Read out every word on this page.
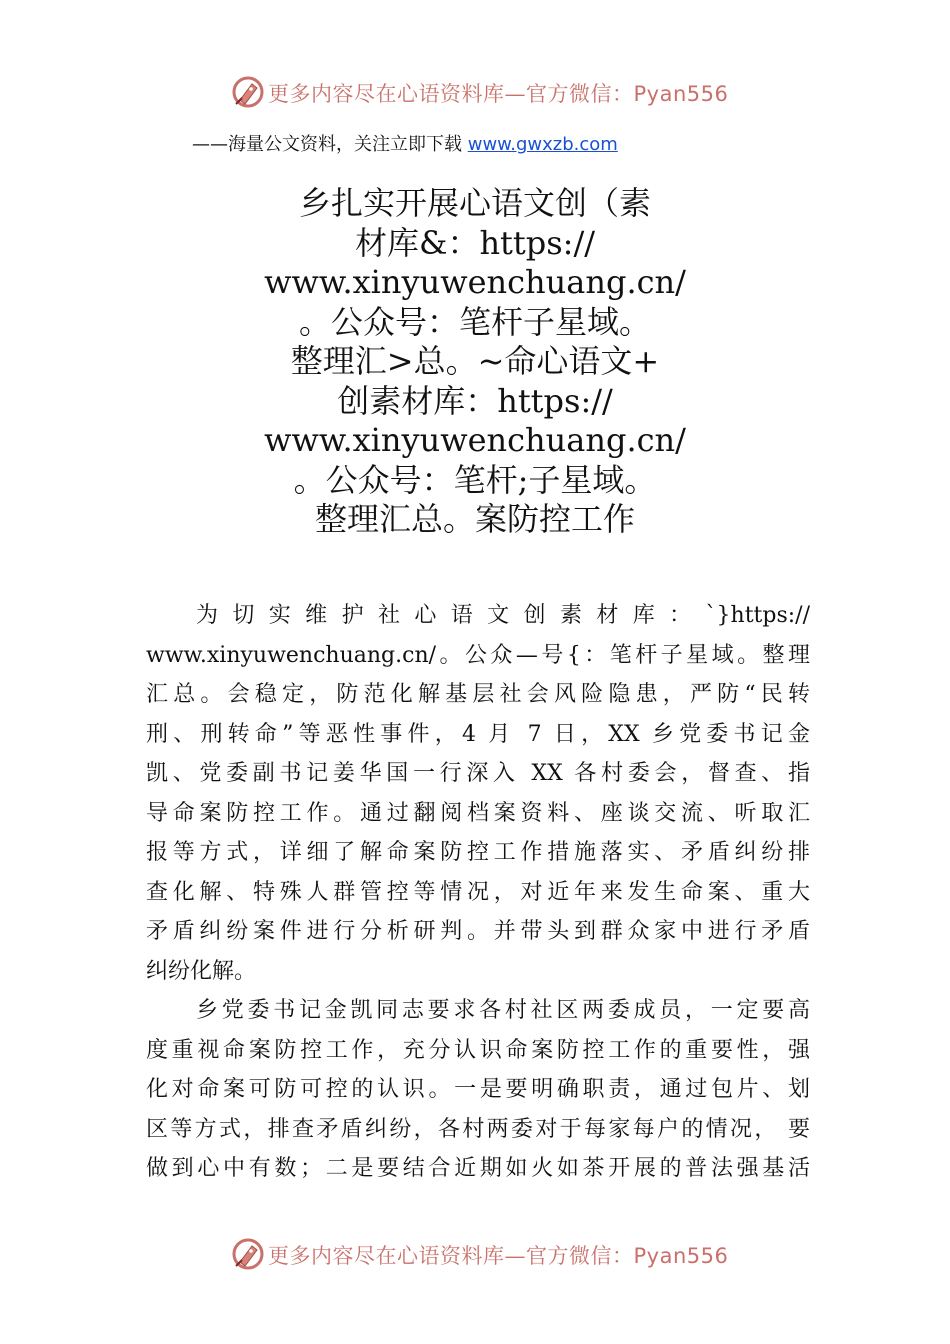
更多内容尽在心语资料库—官方微信：Pyan556
——海量公文资料，关注立即下载 www.gwxzb.com
乡扎实开展心语文创（素
材库&：https://
www.xinyuwenchuang.cn/
。公众号：笔杆子星域。
整理汇>总。~命心语文+
创素材库：https://
www.xinyuwenchuang.cn/
。公众号：笔杆;子星域。
整理汇总。案防控工作
为切实维护社心语文创素材库：`}https://
www.xinyuwenchuang.cn/。公众—号{：笔杆子星域。整理
汇总。会稳定，防范化解基层社会风险隐患，严防“民转
刑、刑转命”等恶性事件，4 月 7 日，XX 乡党委书记金
凯、党委副书记姜华国一行深入 XX 各村委会，督查、指
导命案防控工作。通过翻阅档案资料、座谈交流、听取汇
报等方式，详细了解命案防控工作措施落实、矛盾纠纷排
查化解、特殊人群管控等情况，对近年来发生命案、重大
矛盾纠纷案件进行分析研判。并带头到群众家中进行矛盾
纠纷化解。
乡党委书记金凯同志要求各村社区两委成员，一定要高
度重视命案防控工作，充分认识命案防控工作的重要性，强
化对命案可防可控的认识。一是要明确职责，通过包片、划
区等方式，排查矛盾纠纷，各村两委对于每家每户的情况， 要
做到心中有数；二是要结合近期如火如茶开展的普法强基活
更多内容尽在心语资料库—官方微信：Pyan556
